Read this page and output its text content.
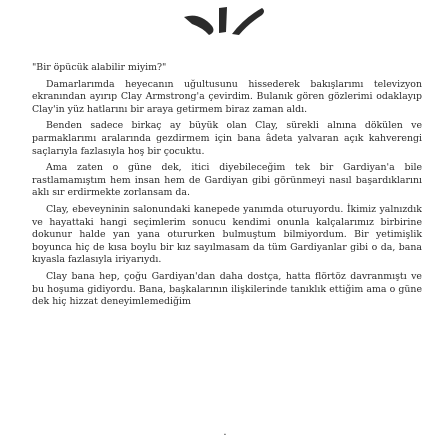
"Bir öpücük alabilir miyim?"

Damarlarımda heyecanın uğultusunu hissederek bakışlarımı televizyon ekranından ayırıp Clay Armstrong'a çevirdim. Bulanık gören gözlerimi odaklayıp Clay'in yüz hatlarını bir araya getirmem biraz zaman aldı.

Benden sadece birkaç ay büyük olan Clay, sürekli alnına dökülen ve parmaklarımı aralarında gezdirmem için bana âdeta yalvaran açık kahverengi saçlarıyla fazlasıyla hoş bir çocuktu.

Ama zaten o güne dek, itici diyebileceğim tek bir Gardiyan'a bile rastlamamıştım hem insan hem de Gardiyan gibi görünmeyi nasıl başardıklarını aklı sır erdirmekte zorlansam da.

Clay, ebeveyninin salonundaki kanepede yanımda oturuyordu. İkimiz yalnızdık ve hayattaki hangi seçimlerim sonucu kendimi onunla kalçalarımız birbirine dokunur halde yan yana otururken bulmuştum bilmiyordum. Bir yetimişlik boyunca hiç de kısa boylu bir kız sayılmasam da tüm Gardiyanlar gibi o da, bana kıyasla fazlasıyla iriyarıydı.

Clay bana hep, çoğu Gardiyan'dan daha dostça, hatta flörtöz davranmıştı ve bu hoşuma gidiyordu. Bana, başkalarının ilişkilerinde tanıklık ettiğim ama o güne dek hiç hizzat deneyimlemediğim

.
